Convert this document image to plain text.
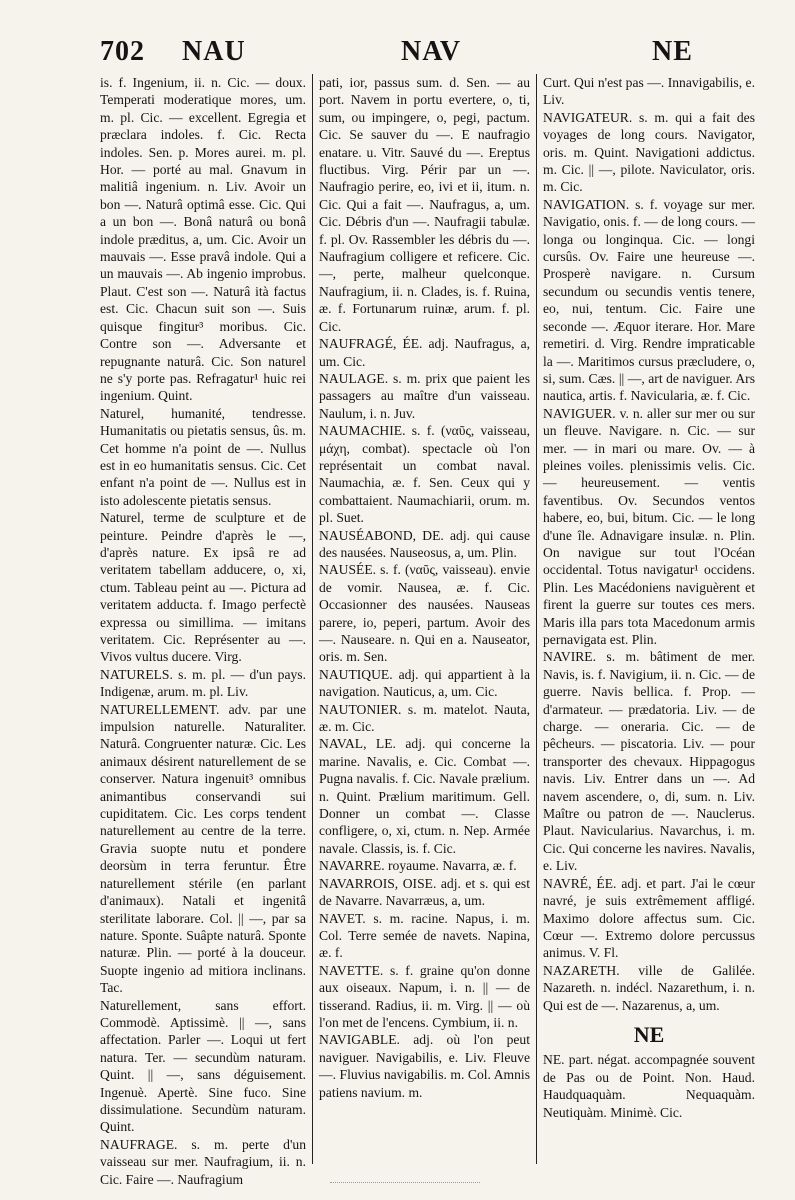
702 NAU	NAV	NE

is. f. Ingenium, ii. n. Cic. — doux. Temperati moderatique mores, um. m. pl. Cic. — excellent. Egregia et præclara indoles. f. Cic. Recta indoles. Sen. p. Mores aurei. m. pl. Hor. — porté au mal. Gnavum in malitiâ ingenium. n. Liv. Avoir un bon —. Naturâ optimâ esse. Cic. Qui a un bon —. Bonâ naturâ ou bonâ indole præditus, a, um. Cic. Avoir un mauvais —. Esse pravâ indole. Qui a un mauvais —. Ab ingenio improbus. Plaut. C'est son —. Naturâ ità factus est. Cic. Chacun suit son —. Suis quisque fingitur³ moribus. Cic. Contre son —. Adversante et repugnante naturâ. Cic. Son naturel ne s'y porte pas. Refragatur¹ huic rei ingenium. Quint.

Naturel, humanité, tendresse. Humanitatis ou pietatis sensus, ûs. m. Cet homme n'a point de —. Nullus est in eo humanitatis sensus. Cic. Cet enfant n'a point de —. Nullus est in isto adolescente pietatis sensus.

Naturel, terme de sculpture et de peinture. Peindre d'après le —, d'après nature. Ex ipsâ re ad veritatem tabellam adducere, o, xi, ctum. Tableau peint au —. Pictura ad veritatem adducta. f. Imago perfectè expressa ou simillima. — imitans veritatem. Cic. Représenter au —. Vivos vultus ducere. Virg.

NATURELS. s. m. pl. — d'un pays. Indigenæ, arum. m. pl. Liv.

NATURELLEMENT. adv. par une impulsion naturelle. Naturaliter. Naturâ. Congruenter naturæ. Cic. Les animaux désirent naturellement de se conserver. Natura ingenuit³ omnibus animantibus conservandi sui cupiditatem. Cic. Les corps tendent naturellement au centre de la terre. Gravia suopte nutu et pondere deorsùm in terra feruntur. Être naturellement stérile (en parlant d'animaux). Natali et ingenitâ sterilitate laborare. Col. || —, par sa nature. Sponte. Suâpte naturâ. Sponte naturæ. Plin. — porté à la douceur. Suopte ingenio ad mitiora inclinans. Tac.

Naturellement, sans effort. Commodè. Aptissimè. || —, sans affectation. Parler —. Loqui ut fert natura. Ter. — secundùm naturam. Quint. || —, sans déguisement. Ingenuè. Apertè. Sine fuco. Sine dissimulatione. Secundùm naturam. Quint.

NAUFRAGE. s. m. perte d'un vaisseau sur mer. Naufragium, ii. n. Cic. Faire —. Naufragium

pati, ior, passus sum. d. Sen. — au port. Navem in portu evertere, o, ti, sum, ou impingere, o, pegi, pactum. Cic. Se sauver du —. E naufragio enatare. u. Vitr. Sauvé du —. Ereptus fluctibus. Virg. Périr par un —. Naufragio perire, eo, ivi et ii, itum. n. Cic. Qui a fait —. Naufragus, a, um. Cic. Débris d'un —. Naufragii tabulæ. f. pl. Ov. Rassembler les débris du —. Naufragium colligere et reficere. Cic. —, perte, malheur quelconque. Naufragium, ii. n. Clades, is. f. Ruina, æ. f. Fortunarum ruinæ, arum. f. pl. Cic.

NAUFRAGÉ, ÉE. adj. Naufragus, a, um. Cic.

NAULAGE. s. m. prix que paient les passagers au maître d'un vaisseau. Naulum, i. n. Juv.

NAUMACHIE. s. f. (ναῦς, vaisseau, μάχη, combat). spectacle où l'on représentait un combat naval. Naumachia, æ. f. Sen. Ceux qui y combattaient. Naumachiarii, orum. m. pl. Suet.

NAUSÉABOND, DE. adj. qui cause des nausées. Nauseosus, a, um. Plin.

NAUSÉE. s. f. (ναῦς, vaisseau). envie de vomir. Nausea, æ. f. Cic. Occasionner des nausées. Nauseas parere, io, peperi, partum. Avoir des —. Nauseare. n. Qui en a. Nauseator, oris. m. Sen.

NAUTIQUE. adj. qui appartient à la navigation. Nauticus, a, um. Cic.

NAUTONIER. s. m. matelot. Nauta, æ. m. Cic.

NAVAL, LE. adj. qui concerne la marine. Navalis, e. Cic. Combat —. Pugna navalis. f. Cic. Navale prælium. n. Quint. Prælium maritimum. Gell. Donner un combat —. Classe confligere, o, xi, ctum. n. Nep. Armée navale. Classis, is. f. Cic.

NAVARRE. royaume. Navarra, æ. f.

NAVARROIS, OISE. adj. et s. qui est de Navarre. Navarræus, a, um.

NAVET. s. m. racine. Napus, i. m. Col. Terre semée de navets. Napina, æ. f.

NAVETTE. s. f. graine qu'on donne aux oiseaux. Napum, i. n. || — de tisserand. Radius, ii. m. Virg. || — où l'on met de l'encens. Cymbium, ii. n.

NAVIGABLE. adj. où l'on peut naviguer. Navigabilis, e. Liv. Fleuve —. Fluvius navigabilis. m. Col. Amnis patiens navium. m.

Curt. Qui n'est pas —. Innavigabilis, e. Liv.

NAVIGATEUR. s. m. qui a fait des voyages de long cours. Navigator, oris. m. Quint. Navigationi addictus. m. Cic. || —, pilote. Naviculator, oris. m. Cic.

NAVIGATION. s. f. voyage sur mer. Navigatio, onis. f. — de long cours. — longa ou longinqua. Cic. — longi cursûs. Ov. Faire une heureuse —. Prosperè navigare. n. Cursum secundum ou secundis ventis tenere, eo, nui, tentum. Cic. Faire une seconde —. Æquor iterare. Hor. Mare remetiri. d. Virg. Rendre impraticable la —. Maritimos cursus præcludere, o, si, sum. Cæs. || —, art de naviguer. Ars nautica, artis. f. Navicularia, æ. f. Cic.

NAVIGUER. v. n. aller sur mer ou sur un fleuve. Navigare. n. Cic. — sur mer. — in mari ou mare. Ov. — à pleines voiles. plenissimis velis. Cic. — heureusement. — ventis faventibus. Ov. Secundos ventos habere, eo, bui, bitum. Cic. — le long d'une île. Adnavigare insulæ. n. Plin. On navigue sur tout l'Océan occidental. Totus navigatur¹ occidens. Plin. Les Macédoniens naviguèrent et firent la guerre sur toutes ces mers. Maris illa pars tota Macedonum armis pernavigata est. Plin.

NAVIRE. s. m. bâtiment de mer. Navis, is. f. Navigium, ii. n. Cic. — de guerre. Navis bellica. f. Prop. — d'armateur. — prædatoria. Liv. — de charge. — oneraria. Cic. — de pêcheurs. — piscatoria. Liv. — pour transporter des chevaux. Hippagogus navis. Liv. Entrer dans un —. Ad navem ascendere, o, di, sum. n. Liv. Maître ou patron de —. Nauclerus. Plaut. Navicularius. Navarchus, i. m. Cic. Qui concerne les navires. Navalis, e. Liv.

NAVRÉ, ÉE. adj. et part. J'ai le cœur navré, je suis extrêmement affligé. Maximo dolore affectus sum. Cic. Cœur —. Extremo dolore percussus animus. V. Fl.

NAZARETH. ville de Galilée. Nazareth. n. indécl. Nazarethum, i. n. Qui est de —. Nazarenus, a, um.

NE

NE. part. négat. accompagnée souvent de Pas ou de Point. Non. Haud. Haudquaquàm. Nequaquàm. Neutiquàm. Minimè. Cic.
